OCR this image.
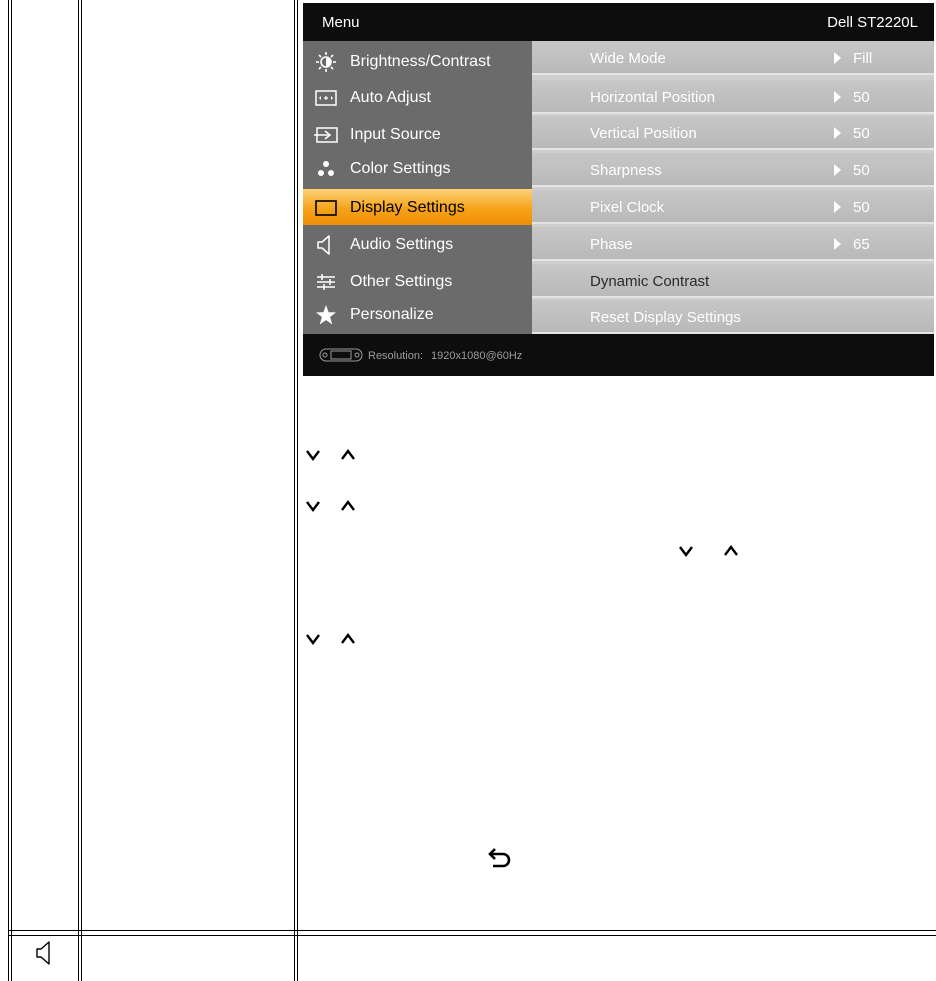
Menu	Dell ST2220L
Brightness/Contrast
Auto Adjust
Input Source
Color Settings
Display Settings
Audio Settings
Other Settings
Personalize
Wide Mode	Fill
Horizontal Position	50
Vertical Position	50
Sharpness	50
Pixel Clock	50
Phase	65
Dynamic Contrast
Reset Display Settings
Resolution: 1920x1080@60Hz
